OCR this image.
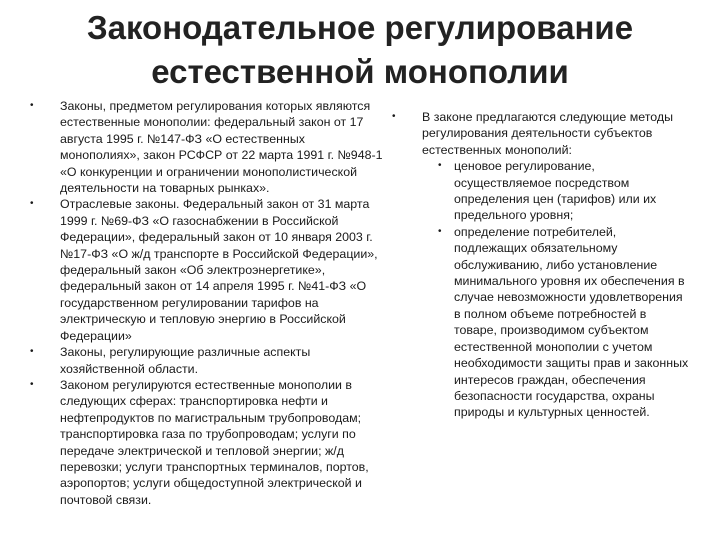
Законодательное регулирование
естественной монополии
• Законы, предметом регулирования которых являются естественные монополии: федеральный закон от 17 августа 1995 г. №147-ФЗ «О естественных монополиях», закон РСФСР от 22 марта 1991 г. №948-1 «О конкуренции и ограничении монополистической деятельности на товарных рынках».
• Отраслевые законы. Федеральный закон от 31 марта 1999 г. №69-ФЗ «О газоснабжении в Российской Федерации», федеральный закон от 10 января 2003 г. №17-ФЗ «О ж/д транспорте в Российской Федерации», федеральный закон «Об электроэнергетике», федеральный закон от 14 апреля 1995 г. №41-ФЗ «О государственном регулировании тарифов на электрическую и тепловую энергию в Российской Федерации»
• Законы, регулирующие различные аспекты хозяйственной области.
• Законом регулируются естественные монополии в следующих сферах: транспортировка нефти и нефтепродуктов по магистральным трубопроводам; транспортировка газа по трубопроводам; услуги по передаче электрической и тепловой энергии; ж/д перевозки; услуги транспортных терминалов, портов, аэропортов; услуги общедоступной электрической и почтовой связи.
• В законе предлагаются следующие методы регулирования деятельности субъектов естественных монополий:
• ценовое регулирование, осуществляемое посредством определения цен (тарифов) или их предельного уровня;
• определение потребителей, подлежащих обязательному обслуживанию, либо установление минимального уровня их обеспечения в случае невозможности удовлетворения в полном объеме потребностей в товаре, производимом субъектом естественной монополии с учетом необходимости защиты прав и законных интересов граждан, обеспечения безопасности государства, охраны природы и культурных ценностей.
